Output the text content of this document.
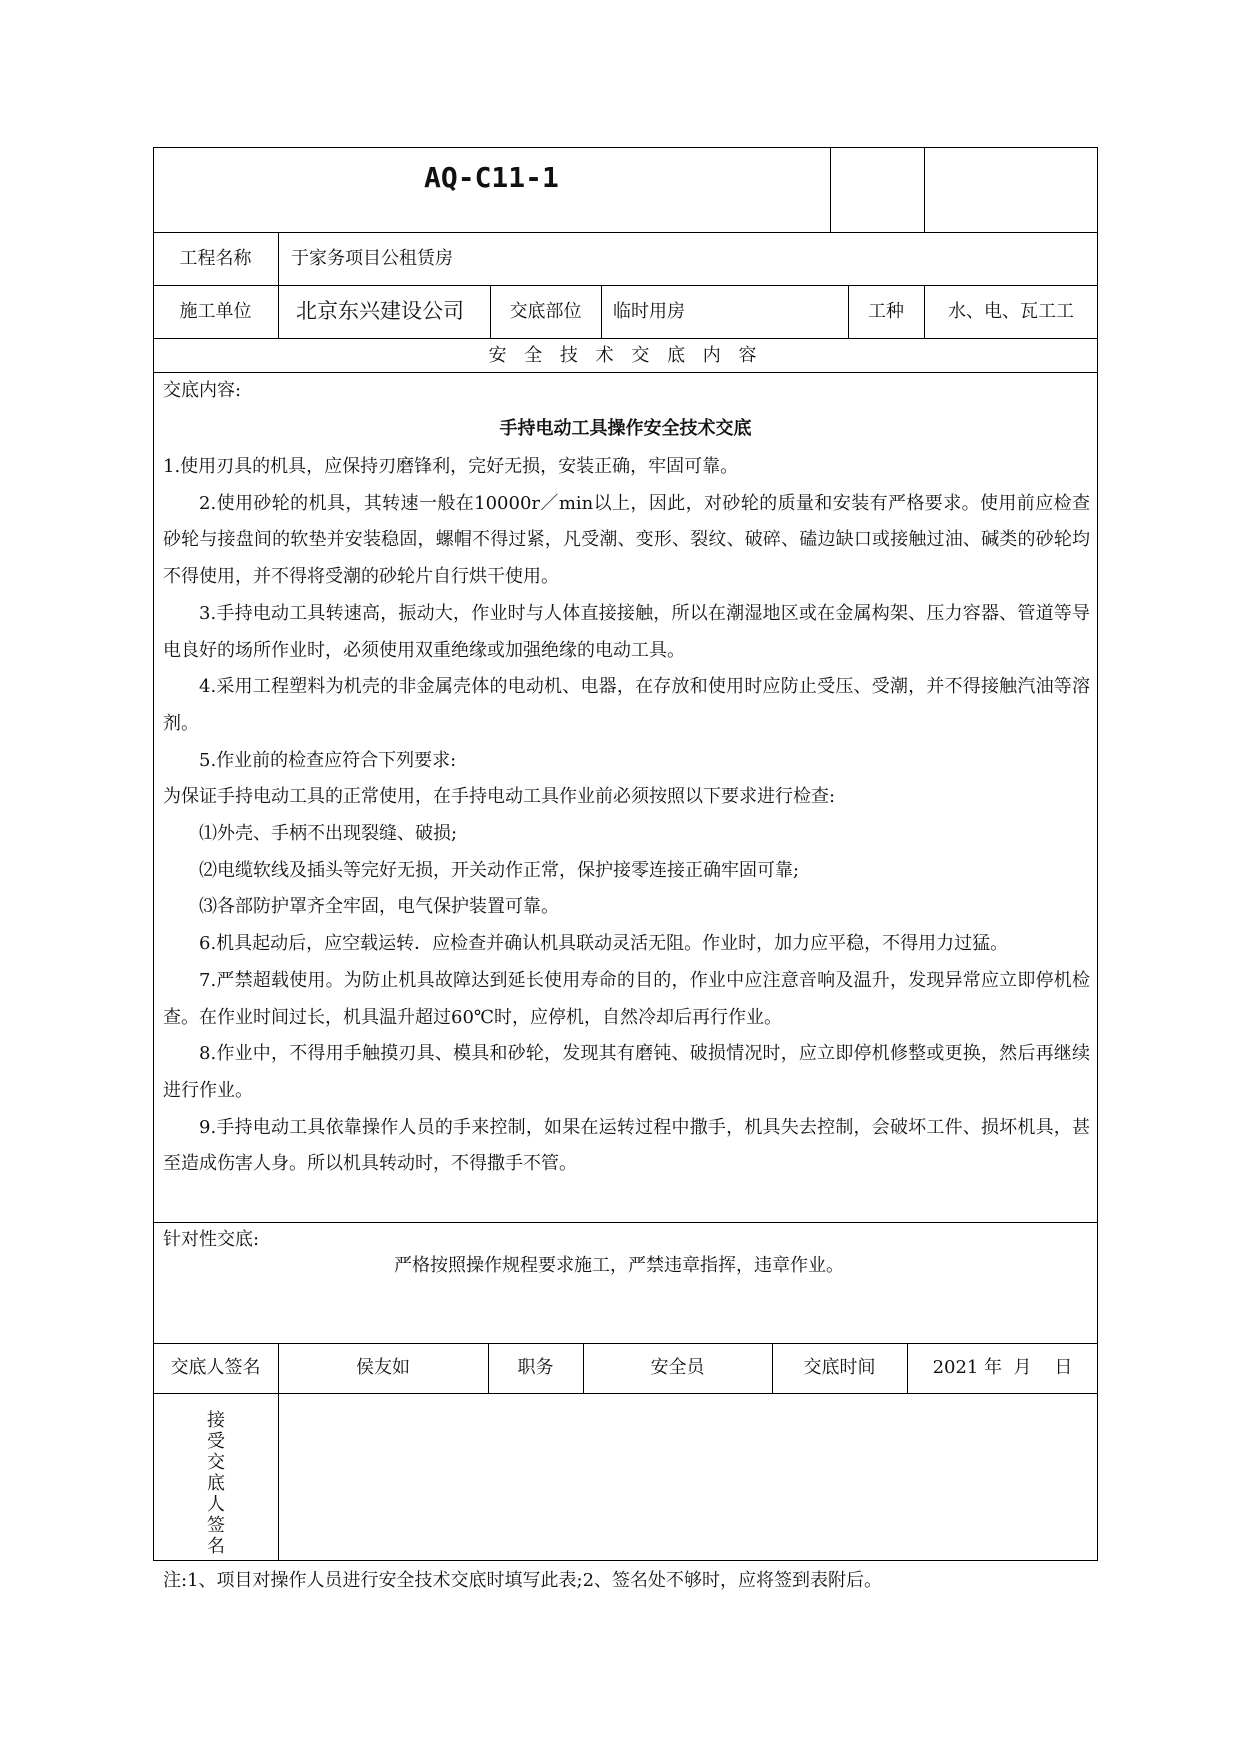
AQ-C11-1
工程名称	于家务项目公租赁房
施工单位	北京东兴建设公司	交底部位	临时用房	工种	水、电、瓦工工
安 全 技 术 交 底 内 容
交底内容:
手持电动工具操作安全技术交底

1.使用刃具的机具，应保持刃磨锋利，完好无损，安装正确，牢固可靠。

2.使用砂轮的机具，其转速一般在10000r／min以上，因此，对砂轮的质量和安装有严格要求。使用前应检查砂轮与接盘间的软垫并安装稳固，螺帽不得过紧，凡受潮、变形、裂纹、破碎、磕边缺口或接触过油、碱类的砂轮均不得使用，并不得将受潮的砂轮片自行烘干使用。

3.手持电动工具转速高，振动大，作业时与人体直接接触，所以在潮湿地区或在金属构架、压力容器、管道等导电良好的场所作业时，必须使用双重绝缘或加强绝缘的电动工具。

4.采用工程塑料为机壳的非金属壳体的电动机、电器，在存放和使用时应防止受压、受潮，并不得接触汽油等溶剂。

5.作业前的检查应符合下列要求:

为保证手持电动工具的正常使用，在手持电动工具作业前必须按照以下要求进行检查:

⑴外壳、手柄不出现裂缝、破损;

⑵电缆软线及插头等完好无损，开关动作正常，保护接零连接正确牢固可靠;

⑶各部防护罩齐全牢固，电气保护装置可靠。

6.机具起动后，应空载运转．应检查并确认机具联动灵活无阻。作业时，加力应平稳，不得用力过猛。

7.严禁超载使用。为防止机具故障达到延长使用寿命的目的，作业中应注意音响及温升，发现异常应立即停机检查。在作业时间过长，机具温升超过60℃时，应停机，自然冷却后再行作业。

8.作业中，不得用手触摸刃具、模具和砂轮，发现其有磨钝、破损情况时，应立即停机修整或更换，然后再继续进行作业。

9.手持电动工具依靠操作人员的手来控制，如果在运转过程中撒手，机具失去控制，会破坏工件、损坏机具，甚至造成伤害人身。所以机具转动时，不得撒手不管。

针对性交底:
严格按照操作规程要求施工，严禁违章指挥，违章作业。
交底人签名	侯友如	职务	安全员	交底时间	2021 年  月    日
接
受
交
底
人
签
名
注:1、项目对操作人员进行安全技术交底时填写此表;2、签名处不够时，应将签到表附后。
